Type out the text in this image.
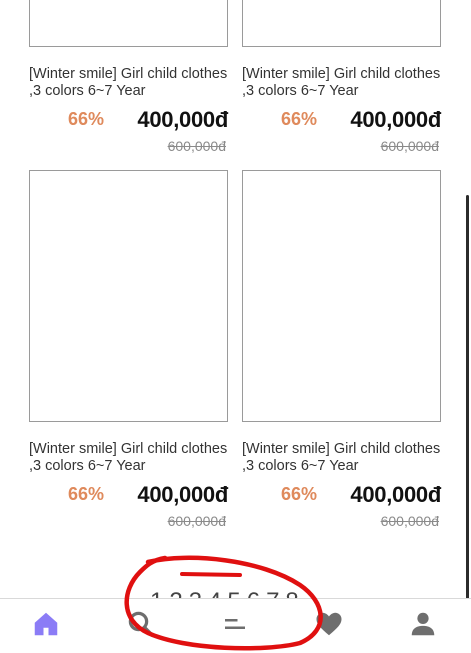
[Winter smile] Girl child clothes ,3 colors 6~7 Year
66% 400,000đ
600,000đ
[Winter smile] Girl child clothes ,3 colors 6~7 Year
66% 400,000đ
600,000đ
[Winter smile] Girl child clothes ,3 colors 6~7 Year
66% 400,000đ
600,000đ
[Winter smile] Girl child clothes ,3 colors 6~7 Year
66% 400,000đ
600,000đ
